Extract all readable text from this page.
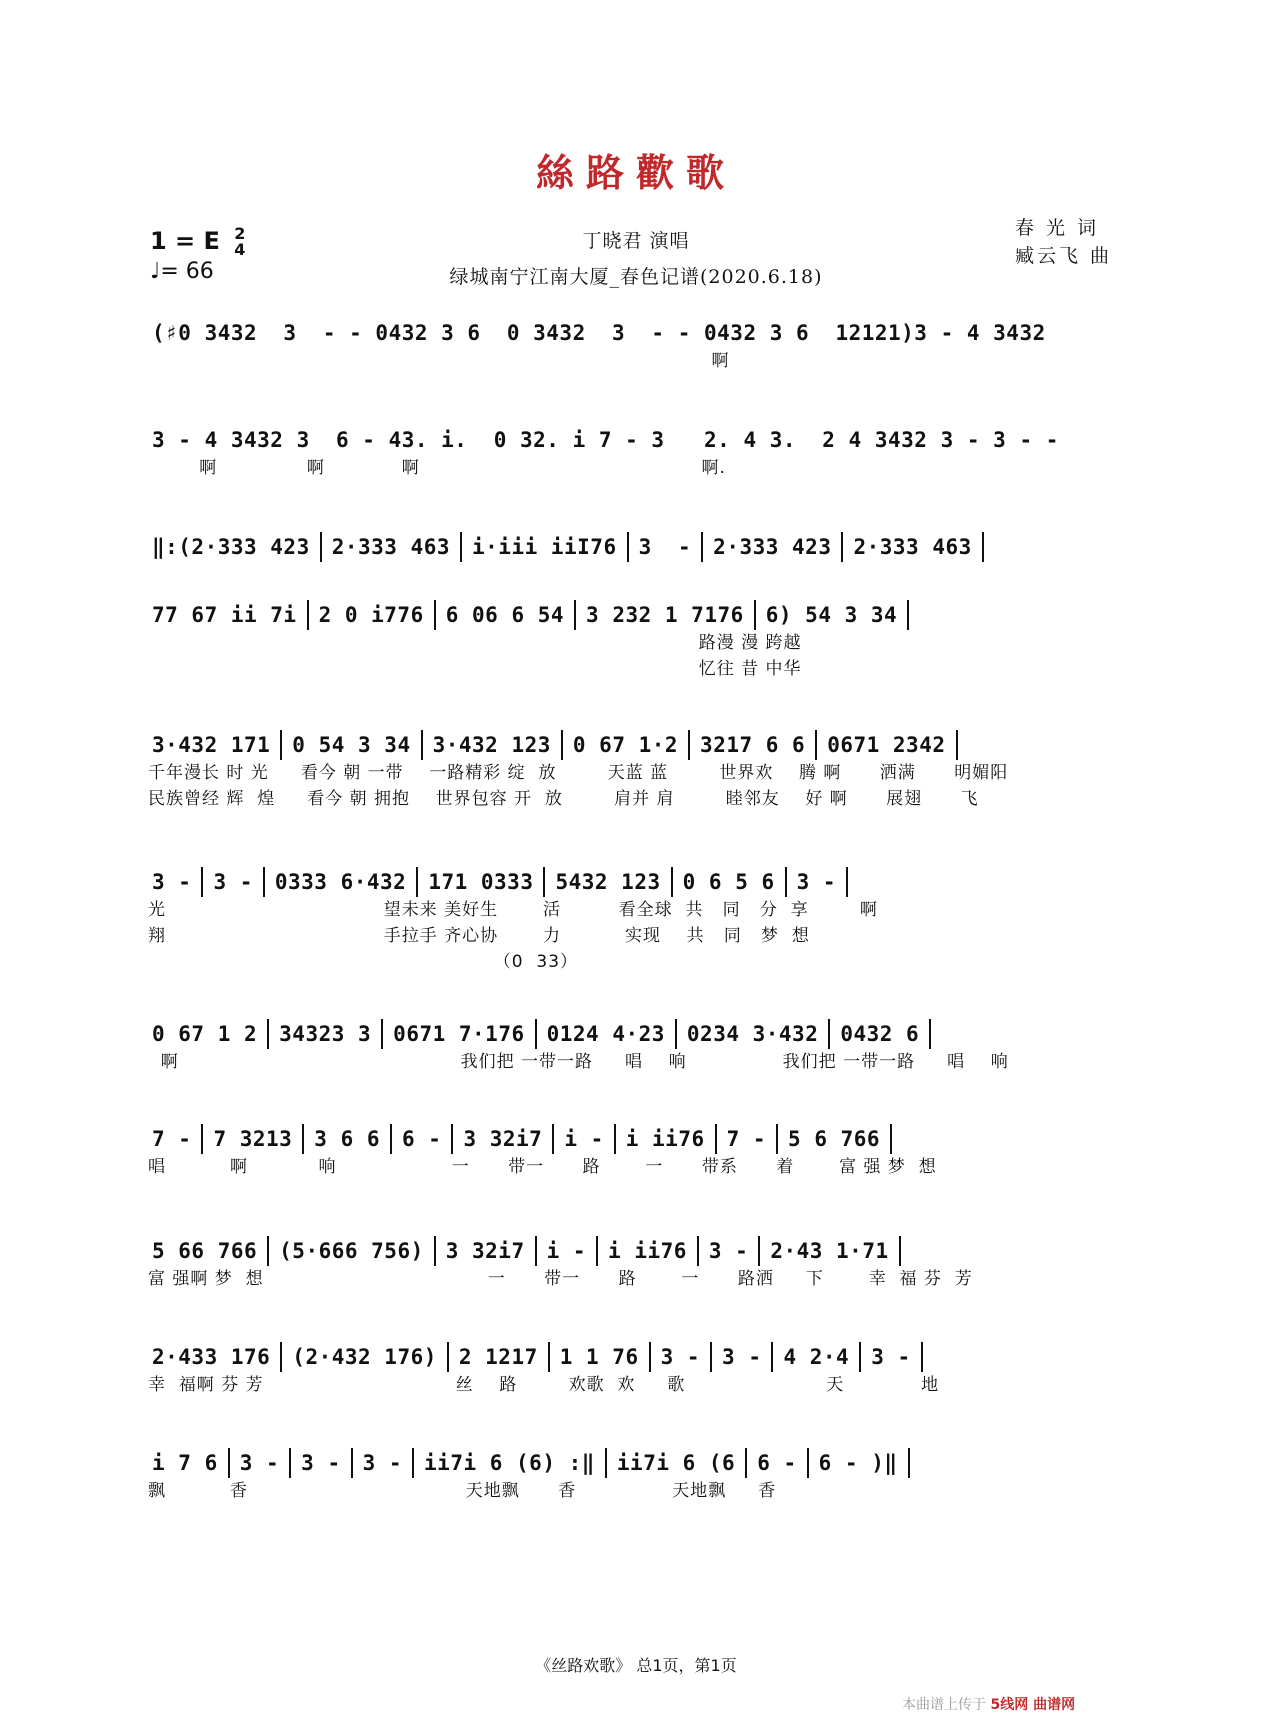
絲路歡歌
1 = E 2
4
♩= 66
丁晓君 演唱
绿城南宁江南大厦_春色记谱(2020.6.18)
春 光 词
臧云飞 曲
(♯0 3432  3  - - 0432 3 6  0 3432  3  - - 0432 3 6  12121)3 - 4 3432
啊
3 - 4 3432 3  6 - 43. i.  0 32. i 7 - 3   2. 4 3.  2 4 3432 3 - 3 - -
啊              啊            啊                                            啊.
‖:(2·333 423 2·333 463 i·iii iiI76 3  - 2·333 423 2·333 463
77 67 ii 7i 2 0 i776 6 06 6 54 3 232 1 7176 6) 54 3 34
路漫 漫 跨越
忆往 昔 中华
3·432 171 0 54 3 34 3·432 123 0 67 1·2 3217 6 6 0671 2342
千年漫长 时 光     看今 朝 一带    一路精彩 绽  放        天蓝 蓝        世界欢    腾 啊      洒满      明媚阳
民族曾经 辉  煌     看今 朝 拥抱    世界包容 开  放        肩并 肩        睦邻友    好 啊      展翅      飞
3 - 3 - 0333 6·432 171 0333 5432 123 0 6 5 6 3 -
光                                  望未来 美好生       活         看全球  共   同   分  享        啊
翔                                  手拉手 齐心协       力          实现    共   同   梦  想
（0  33）
0 67 1 2 34323 3 0671 7·176 0124 4·23 0234 3·432 0432 6
啊                                            我们把 一带一路     唱    响               我们把 一带一路     唱    响
7 - 7 3213 3 6 6 6 - 3 32i7 i - i ii76 7 - 5 6 766
唱          啊           响                  一      带一      路       一      带系      着       富 强 梦  想
5 66 766 (5·666 756) 3 32i7 i - i ii76 3 - 2·43 1·71
富 强啊 梦  想                                   一      带一      路       一      路洒     下       幸  福 芬  芳
2·433 176 (2·432 176) 2 1217 1 1 76 3 - 3 - 4 2·4 3 -
幸  福啊 芬 芳                              丝    路        欢歌  欢     歌                      天            地
i 7 6 3 - 3 - 3 - ii7i 6 (6) :‖ ii7i 6 (6 6 - 6 - )‖
飘          香                                  天地飘      香               天地飘     香
《丝路欢歌》 总1页，第1页
本曲谱上传于 5线网 曲谱网
